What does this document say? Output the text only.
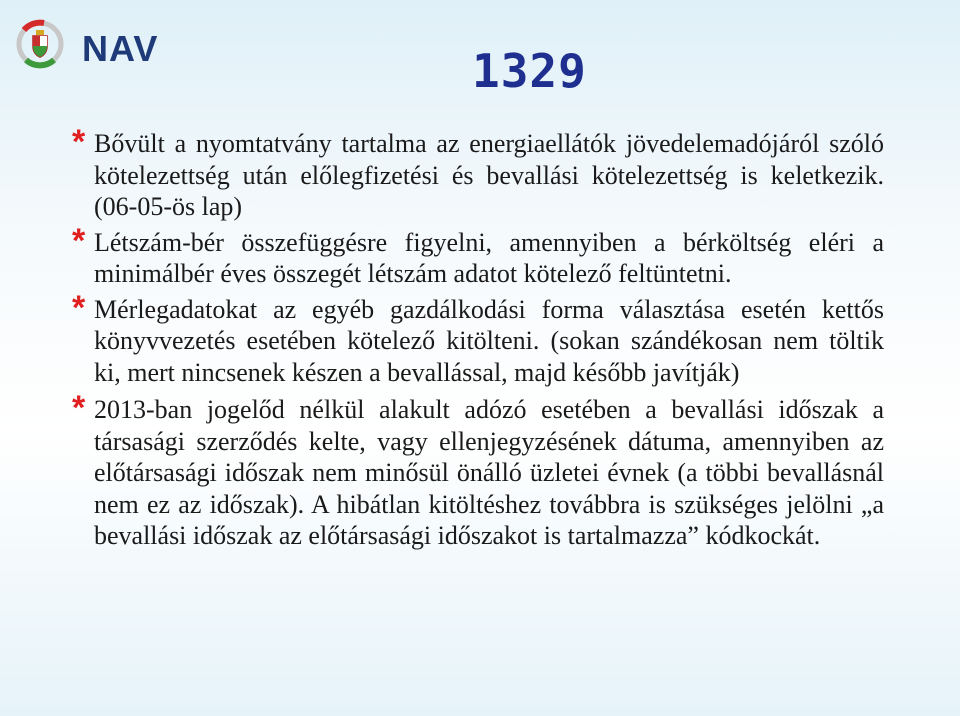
NAV	1329
* Bővült a nyomtatvány tartalma az energiaellátók jövedelemadójáról szóló kötelezettség után előlegfizetési és bevallási kötelezettség is keletkezik. (06-05-ös lap)
* Létszám-bér összefüggésre figyelni, amennyiben a bérköltség eléri a minimálbér éves összegét létszám adatot kötelező feltüntetni.
* Mérlegadatokat az egyéb gazdálkodási forma választása esetén kettős könyvvezetés esetében kötelező kitölteni. (sokan szándékosan nem töltik ki, mert nincsenek készen a bevallással, majd később javítják)
* 2013-ban jogelőd nélkül alakult adózó esetében a bevallási időszak a társasági szerződés kelte, vagy ellenjegyzésének dátuma, amennyiben az előtársasági időszak nem minősül önálló üzletei évnek (a többi bevallásnál nem ez az időszak). A hibátlan kitöltéshez továbbra is szükséges jelölni „a bevallási időszak az előtársasági időszakot is tartalmazza” kódkockát.
